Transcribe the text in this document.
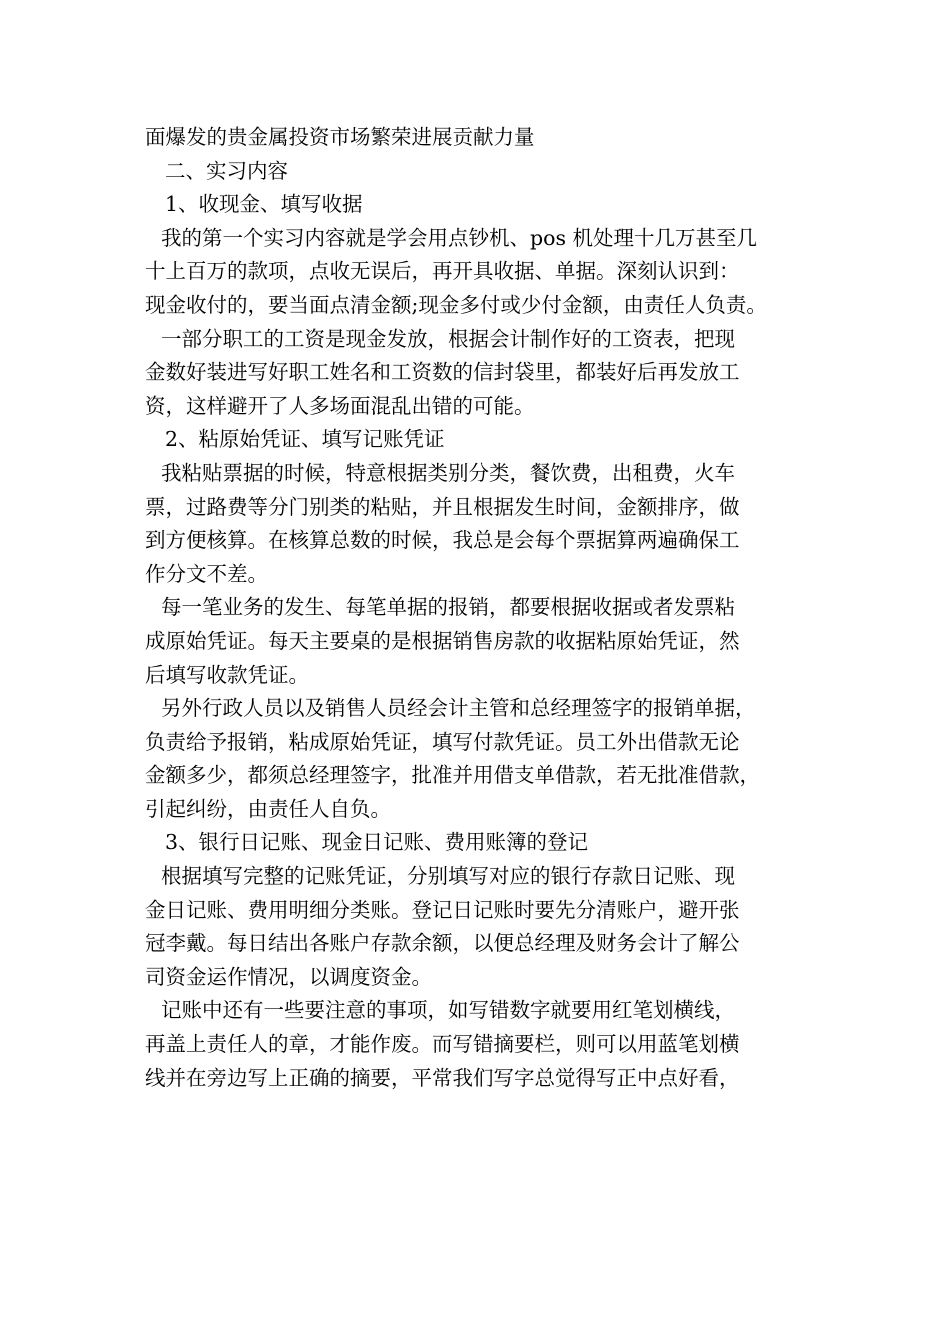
面爆发的贵金属投资市场繁荣进展贡献力量
二、实习内容
1、收现金、填写收据
我的第一个实习内容就是学会用点钞机、pos 机处理十几万甚至几
十上百万的款项，点收无误后，再开具收据、单据。深刻认识到：
现金收付的，要当面点清金额;现金多付或少付金额，由责任人负责。
一部分职工的工资是现金发放，根据会计制作好的工资表，把现
金数好装进写好职工姓名和工资数的信封袋里，都装好后再发放工
资，这样避开了人多场面混乱出错的可能。
2、粘原始凭证、填写记账凭证
我粘贴票据的时候，特意根据类别分类，餐饮费，出租费，火车
票，过路费等分门别类的粘贴，并且根据发生时间，金额排序，做
到方便核算。在核算总数的时候，我总是会每个票据算两遍确保工
作分文不差。
每一笔业务的发生、每笔单据的报销，都要根据收据或者发票粘
成原始凭证。每天主要桌的是根据销售房款的收据粘原始凭证，然
后填写收款凭证。
另外行政人员以及销售人员经会计主管和总经理签字的报销单据，
负责给予报销，粘成原始凭证，填写付款凭证。员工外出借款无论
金额多少，都须总经理签字，批准并用借支单借款，若无批准借款，
引起纠纷，由责任人自负。
3、银行日记账、现金日记账、费用账簿的登记
根据填写完整的记账凭证，分别填写对应的银行存款日记账、现
金日记账、费用明细分类账。登记日记账时要先分清账户，避开张
冠李戴。每日结出各账户存款余额，以便总经理及财务会计了解公
司资金运作情况，以调度资金。
记账中还有一些要注意的事项，如写错数字就要用红笔划横线，
再盖上责任人的章，才能作废。而写错摘要栏，则可以用蓝笔划横
线并在旁边写上正确的摘要，平常我们写字总觉得写正中点好看，
